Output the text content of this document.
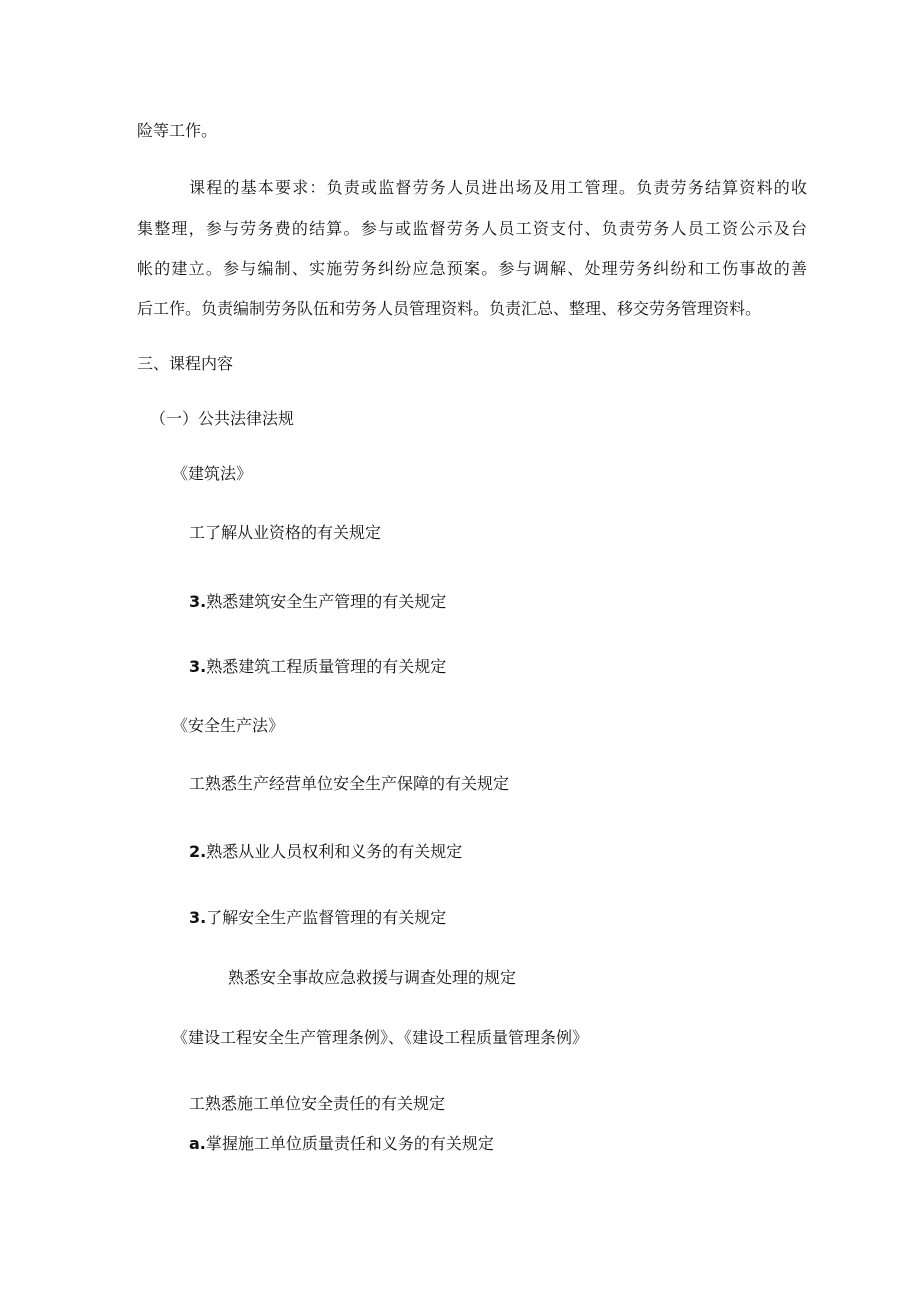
险等工作。
课程的基本要求：负责或监督劳务人员进出场及用工管理。负责劳务结算资料的收
集整理，参与劳务费的结算。参与或监督劳务人员工资支付、负责劳务人员工资公示及台
帐的建立。参与编制、实施劳务纠纷应急预案。参与调解、处理劳务纠纷和工伤事故的善
后工作。负责编制劳务队伍和劳务人员管理资料。负责汇总、整理、移交劳务管理资料。
三、课程内容
（一）公共法律法规
《建筑法》
工了解从业资格的有关规定
3.熟悉建筑安全生产管理的有关规定
3.熟悉建筑工程质量管理的有关规定
《安全生产法》
工熟悉生产经营单位安全生产保障的有关规定
2.熟悉从业人员权利和义务的有关规定
3.了解安全生产监督管理的有关规定
熟悉安全事故应急救援与调查处理的规定
《建设工程安全生产管理条例》、《建设工程质量管理条例》
工熟悉施工单位安全责任的有关规定
a.掌握施工单位质量责任和义务的有关规定
